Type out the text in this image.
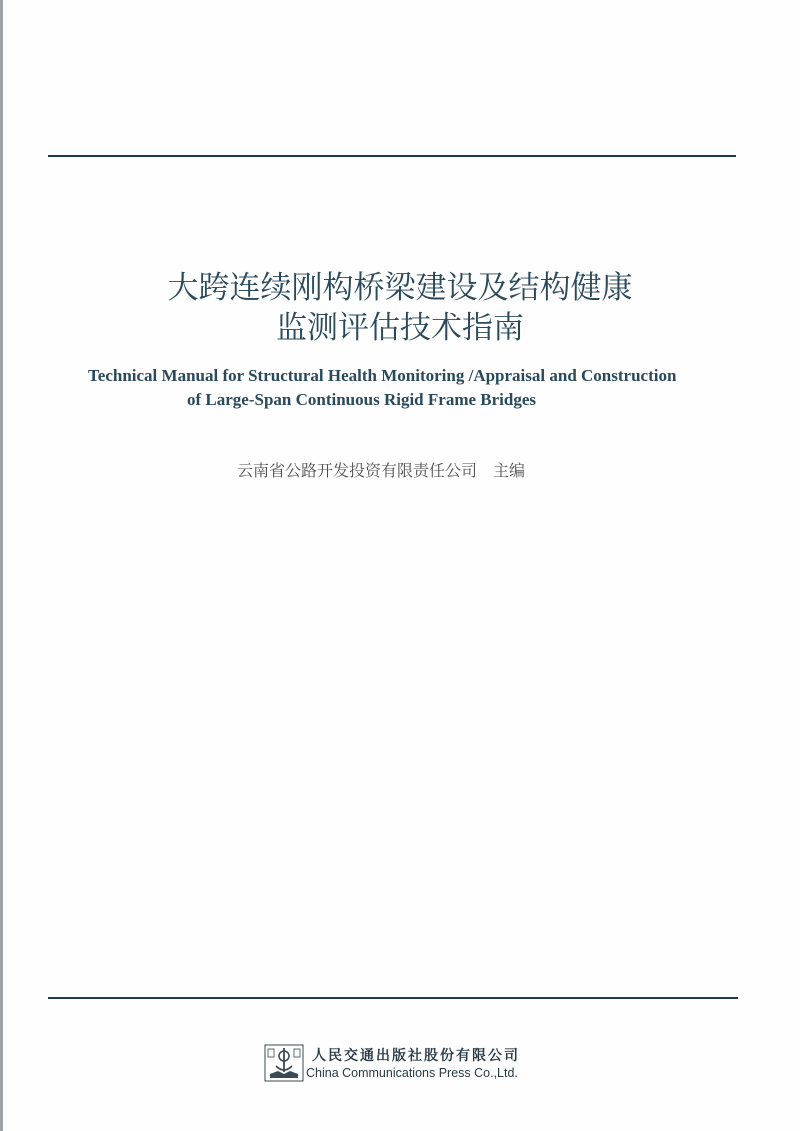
大跨连续刚构桥梁建设及结构健康
监测评估技术指南
Technical Manual for Structural Health Monitoring /Appraisal and Construction
of Large-Span Continuous Rigid Frame Bridges
云南省公路开发投资有限责任公司 主编
人民交通出版社股份有限公司
China Communications Press Co.,Ltd.
